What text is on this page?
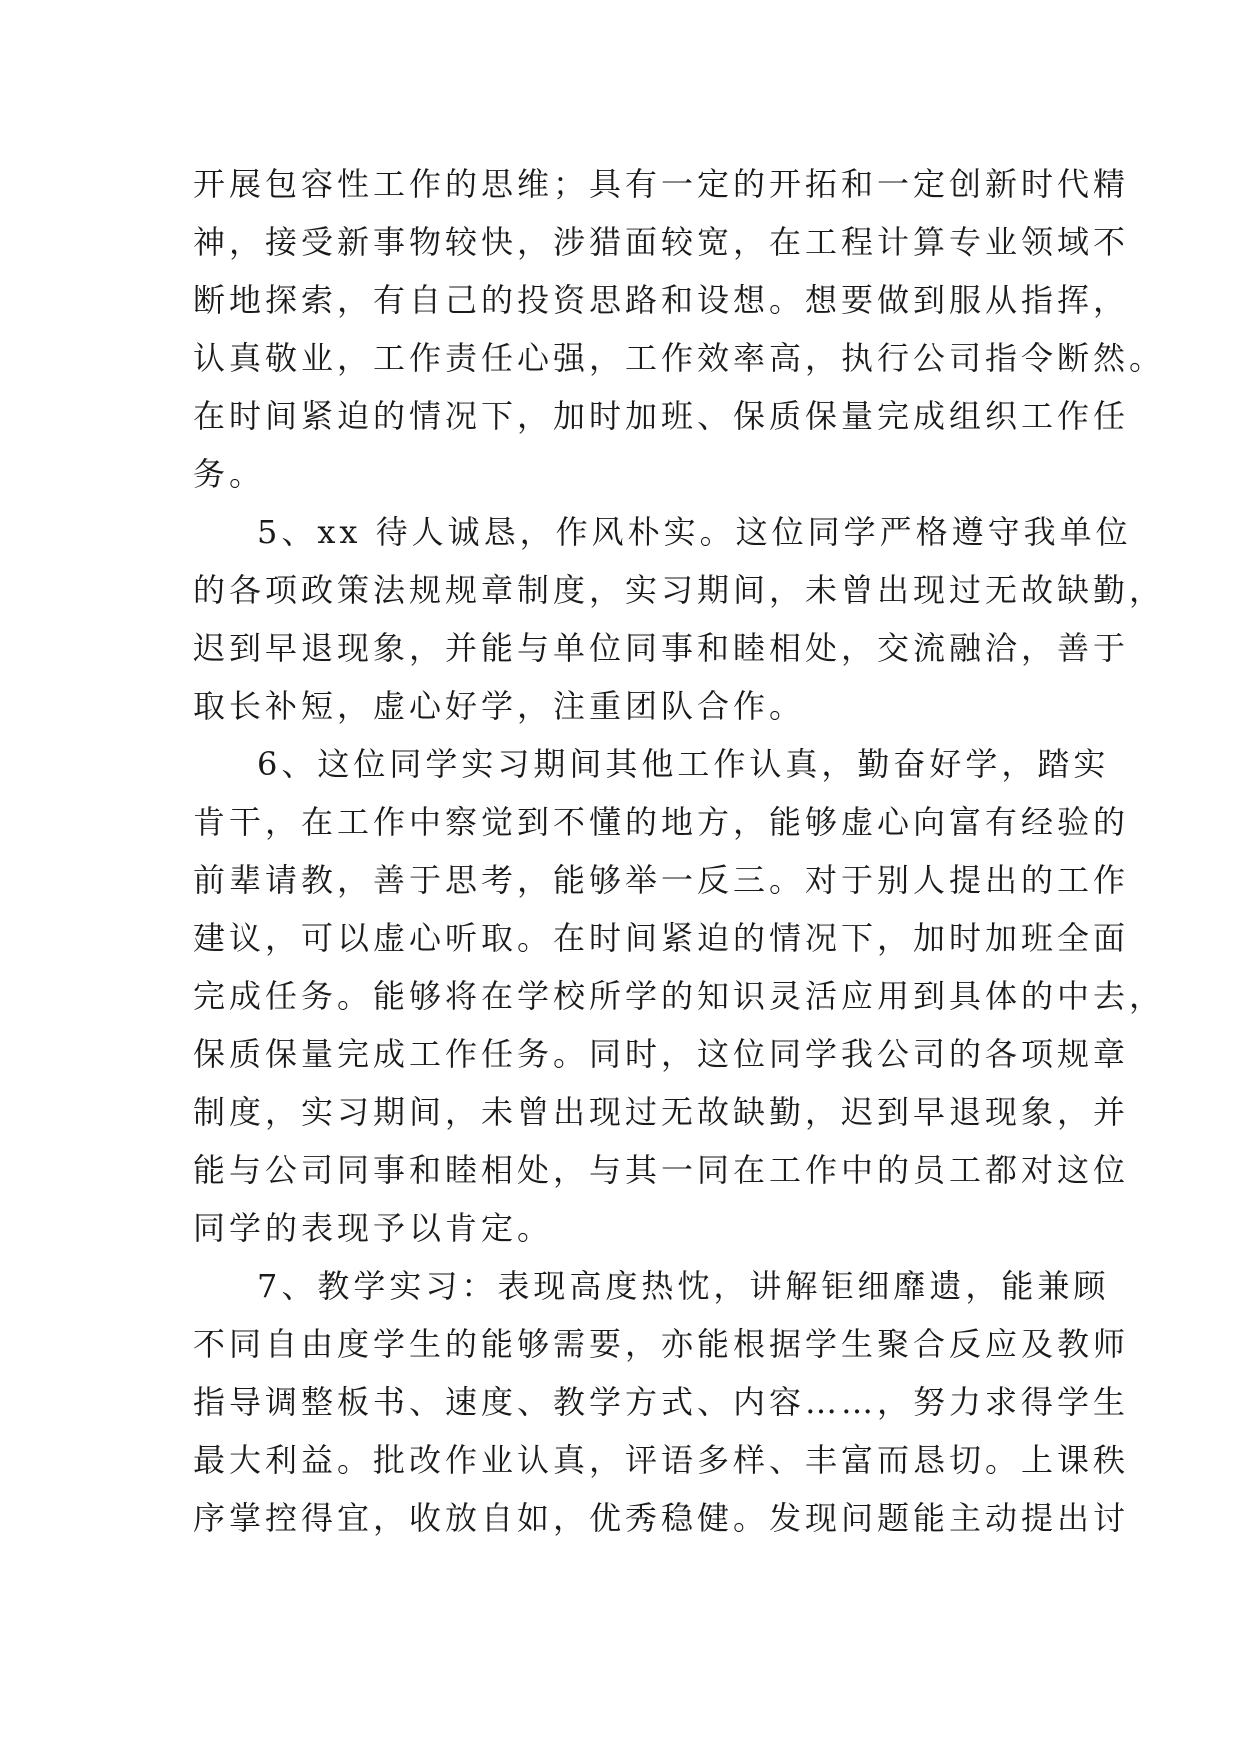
开展包容性工作的思维；具有一定的开拓和一定创新时代精
神，接受新事物较快，涉猎面较宽，在工程计算专业领域不
断地探索，有自己的投资思路和设想。想要做到服从指挥，
认真敬业，工作责任心强，工作效率高，执行公司指令断然。
在时间紧迫的情况下，加时加班、保质保量完成组织工作任
务。
5、xx 待人诚恳，作风朴实。这位同学严格遵守我单位
的各项政策法规规章制度，实习期间，未曾出现过无故缺勤，
迟到早退现象，并能与单位同事和睦相处，交流融洽，善于
取长补短，虚心好学，注重团队合作。
6、这位同学实习期间其他工作认真，勤奋好学，踏实
肯干，在工作中察觉到不懂的地方，能够虚心向富有经验的
前辈请教，善于思考，能够举一反三。对于别人提出的工作
建议，可以虚心听取。在时间紧迫的情况下，加时加班全面
完成任务。能够将在学校所学的知识灵活应用到具体的中去，
保质保量完成工作任务。同时，这位同学我公司的各项规章
制度，实习期间，未曾出现过无故缺勤，迟到早退现象，并
能与公司同事和睦相处，与其一同在工作中的员工都对这位
同学的表现予以肯定。
7、教学实习：表现高度热忱，讲解钜细靡遗，能兼顾
不同自由度学生的能够需要，亦能根据学生聚合反应及教师
指导调整板书、速度、教学方式、内容……，努力求得学生
最大利益。批改作业认真，评语多样、丰富而恳切。上课秩
序掌控得宜，收放自如，优秀稳健。发现问题能主动提出讨
